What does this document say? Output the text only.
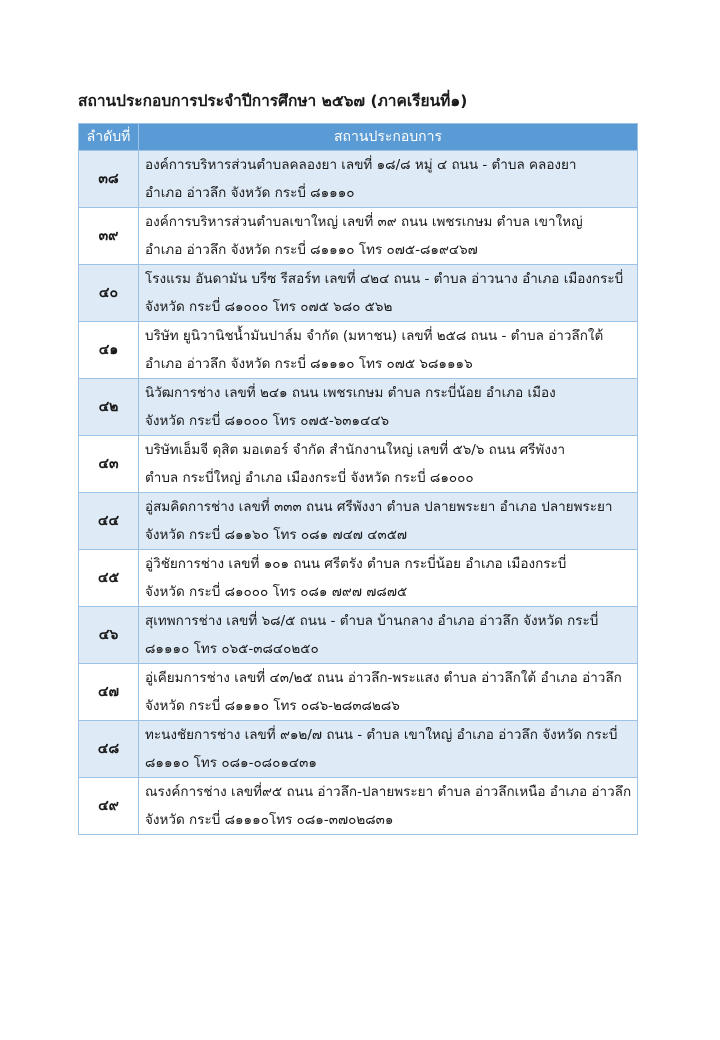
สถานประกอบการประจำปีการศึกษา ๒๕๖๗ (ภาคเรียนที่๑)
ลำดับที่	สถานประกอบการ
๓๘	องค์การบริหารส่วนตำบลคลองยา เลขที่ ๑๘/๘ หมู่ ๔ ถนน - ตำบล คลองยา
อำเภอ อ่าวลึก จังหวัด กระบี่ ๘๑๑๑๐

๓๙	องค์การบริหารส่วนตำบลเขาใหญ่ เลขที่ ๓๙ ถนน เพชรเกษม ตำบล เขาใหญ่
อำเภอ อ่าวลึก จังหวัด กระบี่ ๘๑๑๑๐ โทร ๐๗๕-๘๑๙๔๖๗

๔๐	โรงแรม อันดามัน บรีซ รีสอร์ท เลขที่ ๔๒๔ ถนน - ตำบล อ่าวนาง อำเภอ เมืองกระบี่
จังหวัด กระบี่ ๘๑๐๐๐ โทร ๐๗๕ ๖๘๐ ๕๖๒

๔๑	บริษัท ยูนิวานิชน้ำมันปาล์ม จำกัด (มหาชน) เลขที่ ๒๕๘ ถนน - ตำบล อ่าวลึกใต้
อำเภอ อ่าวลึก จังหวัด กระบี่ ๘๑๑๑๐ โทร ๐๗๕ ๖๘๑๑๑๖

๔๒	นิวัฒการช่าง เลขที่ ๒๔๑ ถนน เพชรเกษม ตำบล กระบี่น้อย อำเภอ เมือง
จังหวัด กระบี่ ๘๑๐๐๐ โทร ๐๗๕-๖๓๑๔๔๖

๔๓	บริษัทเอ็มจี ดุสิต มอเตอร์ จำกัด สำนักงานใหญ่ เลขที่ ๕๖/๖ ถนน ศรีพังงา
ตำบล กระบี่ใหญ่ อำเภอ เมืองกระบี่ จังหวัด กระบี่ ๘๑๐๐๐

๔๔	อู่สมคิดการช่าง เลขที่ ๓๓๓ ถนน ศรีพังงา ตำบล ปลายพระยา อำเภอ ปลายพระยา
จังหวัด กระบี่ ๘๑๑๖๐ โทร ๐๘๑ ๗๔๗ ๔๓๕๗

๔๕	อู่วิชัยการช่าง เลขที่ ๑๐๑ ถนน ศรีตรัง ตำบล กระบี่น้อย อำเภอ เมืองกระบี่
จังหวัด กระบี่ ๘๑๐๐๐ โทร ๐๘๑ ๗๙๗ ๗๘๗๕

๔๖	สุเทพการช่าง เลขที่ ๖๘/๕ ถนน - ตำบล บ้านกลาง อำเภอ อ่าวลึก จังหวัด กระบี่
๘๑๑๑๐ โทร ๐๖๕-๓๘๔๐๒๕๐

๔๗	อู่เคียมการช่าง เลขที่ ๔๓/๒๕ ถนน อ่าวลึก-พระแสง ตำบล อ่าวลึกใต้ อำเภอ อ่าวลึก
จังหวัด กระบี่ ๘๑๑๑๐ โทร ๐๘๖-๒๘๓๘๒๘๖

๔๘	ทะนงชัยการช่าง เลขที่ ๙๑๒/๗ ถนน - ตำบล เขาใหญ่ อำเภอ อ่าวลึก จังหวัด กระบี่
๘๑๑๑๐ โทร ๐๘๑-๐๘๐๑๔๓๑

๔๙	ณรงค์การช่าง เลขที่๙๕ ถนน อ่าวลึก-ปลายพระยา ตำบล อ่าวลึกเหนือ อำเภอ อ่าวลึก
จังหวัด กระบี่ ๘๑๑๑๐โทร ๐๘๑-๓๗๐๒๘๓๑
